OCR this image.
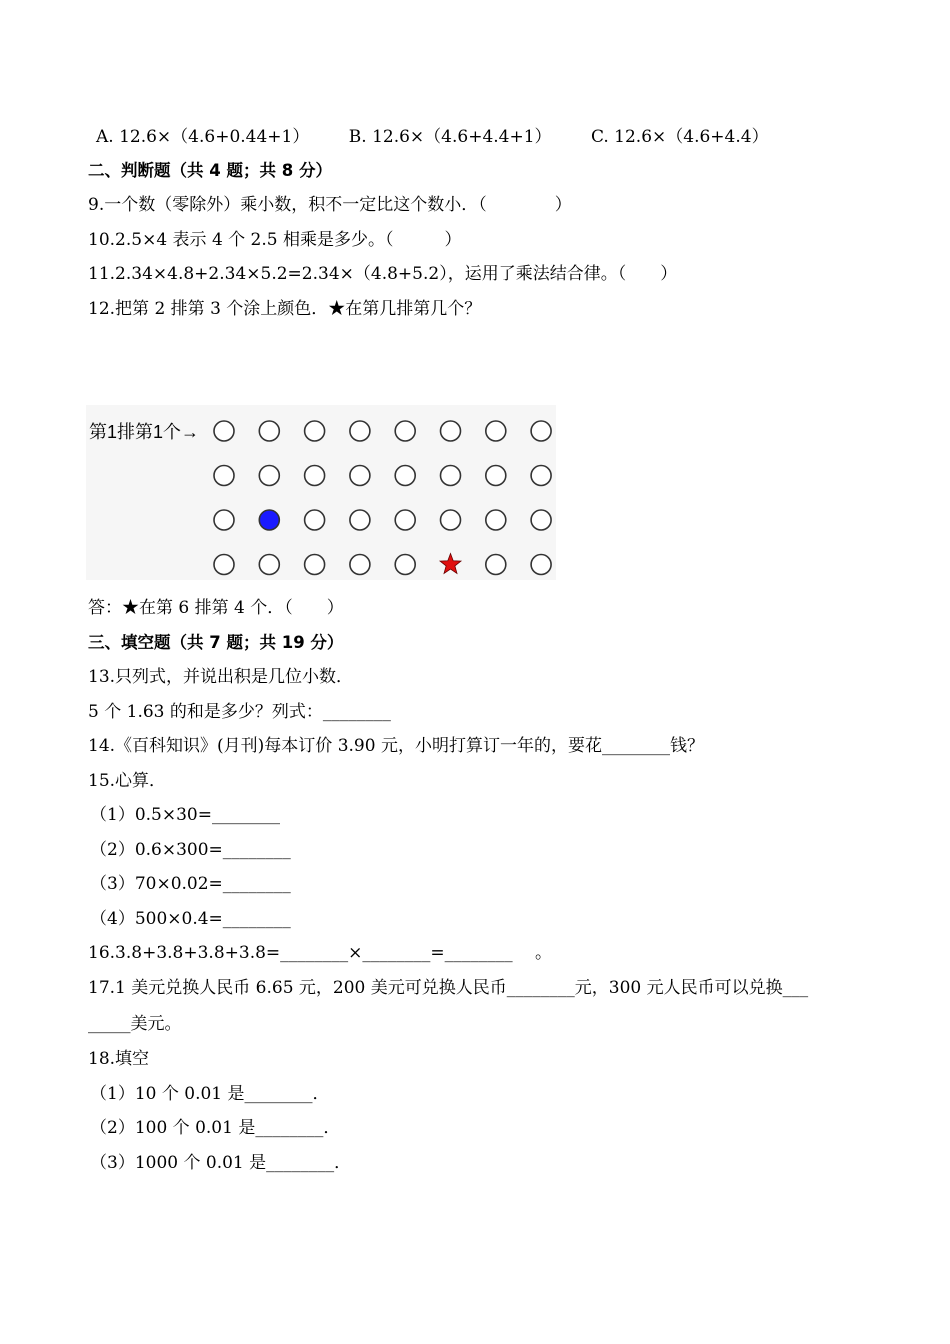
A. 12.6×（4.6+0.44+1） B. 12.6×（4.6+4.4+1） C. 12.6×（4.6+4.4）
二、判断题（共 4 题；共 8 分）
9.一个数（零除外）乘小数，积不一定比这个数小．（　　　　）
10.2.5×4 表示 4 个 2.5 相乘是多少。（　　　）
11.2.34×4.8+2.34×5.2=2.34×（4.8+5.2），运用了乘法结合律。（　　）
12.把第 2 排第 3 个涂上颜色．★在第几排第几个？
第1排第1个→
答：★在第 6 排第 4 个．（　　）
三、填空题（共 7 题；共 19 分）
13.只列式，并说出积是几位小数．
5 个 1.63 的和是多少？列式：________
14.《百科知识》(月刊)每本订价 3.90 元，小明打算订一年的，要花________钱？
15.心算．
（1）0.5×30=________
（2）0.6×300=________
（3）70×0.02=________
（4）500×0.4=________
16.3.8+3.8+3.8+3.8=________×________=________　 。
17.1 美元兑换人民币 6.65 元，200 美元可兑换人民币________元，300 元人民币可以兑换___
_____美元。
18.填空
（1）10 个 0.01 是________．
（2）100 个 0.01 是________．
（3）1000 个 0.01 是________．
